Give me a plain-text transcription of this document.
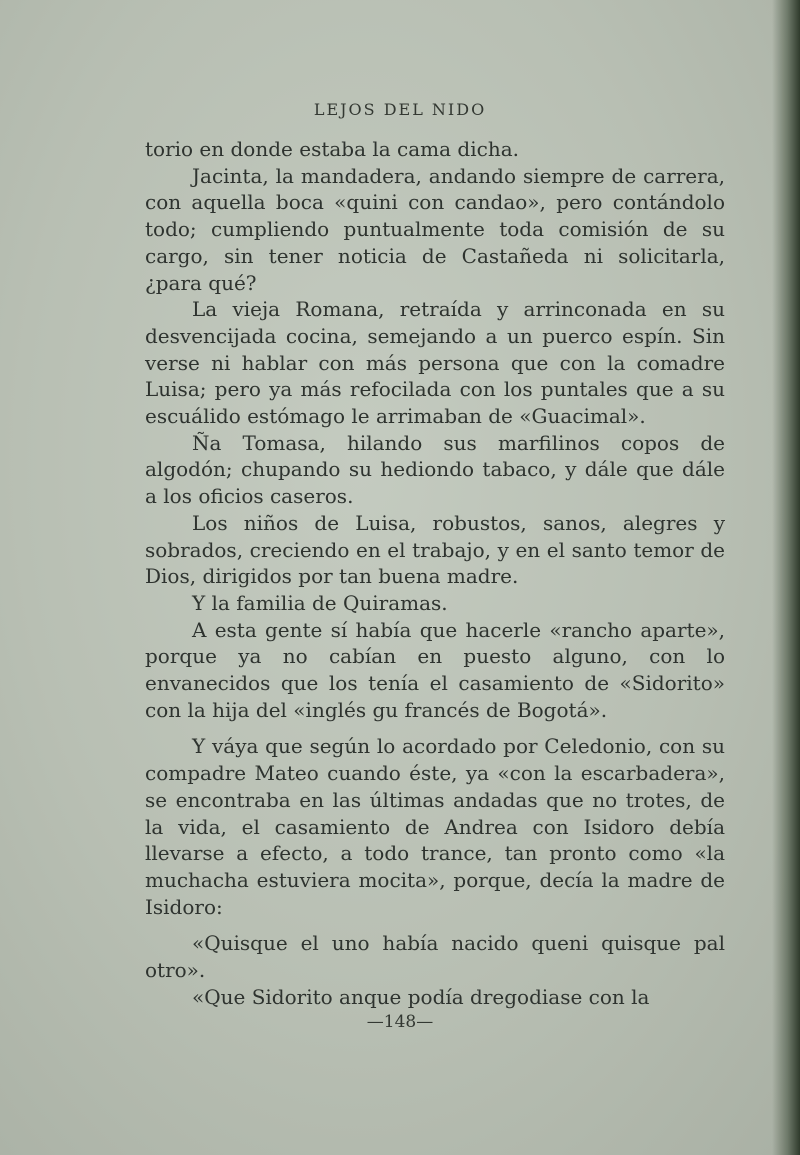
LEJOS DEL NIDO

torio en donde estaba la cama dicha.

Jacinta, la mandadera, andando siempre de carrera, con aquella boca «quini con candao», pero contándolo todo; cumpliendo puntualmente toda comisión de su cargo, sin tener noticia de Castañeda ni solicitarla, ¿para qué?

La vieja Romana, retraída y arrinconada en su desvencijada cocina, semejando a un puerco espín. Sin verse ni hablar con más persona que con la comadre Luisa; pero ya más refocilada con los puntales que a su escuálido estómago le arrimaban de «Guacimal».

Ña Tomasa, hilando sus marfilinos copos de algodón; chupando su hediondo tabaco, y dále que dále a los oficios caseros.

Los niños de Luisa, robustos, sanos, alegres y sobrados, creciendo en el trabajo, y en el santo temor de Dios, dirigidos por tan buena madre.

Y la familia de Quiramas.

A esta gente sí había que hacerle «rancho aparte», porque ya no cabían en puesto alguno, con lo envanecidos que los tenía el casamiento de «Sidorito» con la hija del «inglés gu francés de Bogotá».

Y váya que según lo acordado por Celedonio, con su compadre Mateo cuando éste, ya «con la escarbadera», se encontraba en las últimas andadas que no trotes, de la vida, el casamiento de Andrea con Isidoro debía llevarse a efecto, a todo trance, tan pronto como «la muchacha estuviera mocita», porque, decía la madre de Isidoro:

«Quisque el uno había nacido queni quisque pal otro».

«Que Sidorito anque podía dregodiase con la

—148—
